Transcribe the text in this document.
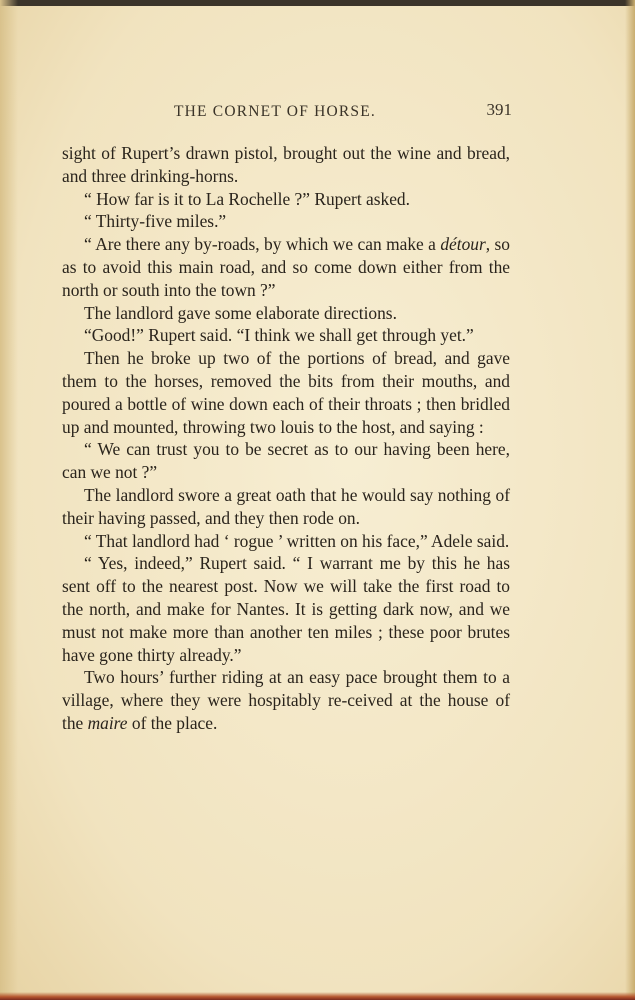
THE CORNET OF HORSE.	391

sight of Rupert’s drawn pistol, brought out the wine and bread, and three drinking-horns.

“ How far is it to La Rochelle ?” Rupert asked.

“ Thirty-five miles.”

“ Are there any by-roads, by which we can make a détour, so as to avoid this main road, and so come down either from the north or south into the town ?”

The landlord gave some elaborate directions.

“Good!” Rupert said. “I think we shall get through yet.”

Then he broke up two of the portions of bread, and gave them to the horses, removed the bits from their mouths, and poured a bottle of wine down each of their throats ; then bridled up and mounted, throwing two louis to the host, and saying :

“ We can trust you to be secret as to our having been here, can we not ?”

The landlord swore a great oath that he would say nothing of their having passed, and they then rode on.

“ That landlord had ‘ rogue ’ written on his face,” Adele said.

“ Yes, indeed,” Rupert said. “ I warrant me by this he has sent off to the nearest post. Now we will take the first road to the north, and make for Nantes. It is getting dark now, and we must not make more than another ten miles ; these poor brutes have gone thirty already.”

Two hours’ further riding at an easy pace brought them to a village, where they were hospitably re-ceived at the house of the maire of the place.
